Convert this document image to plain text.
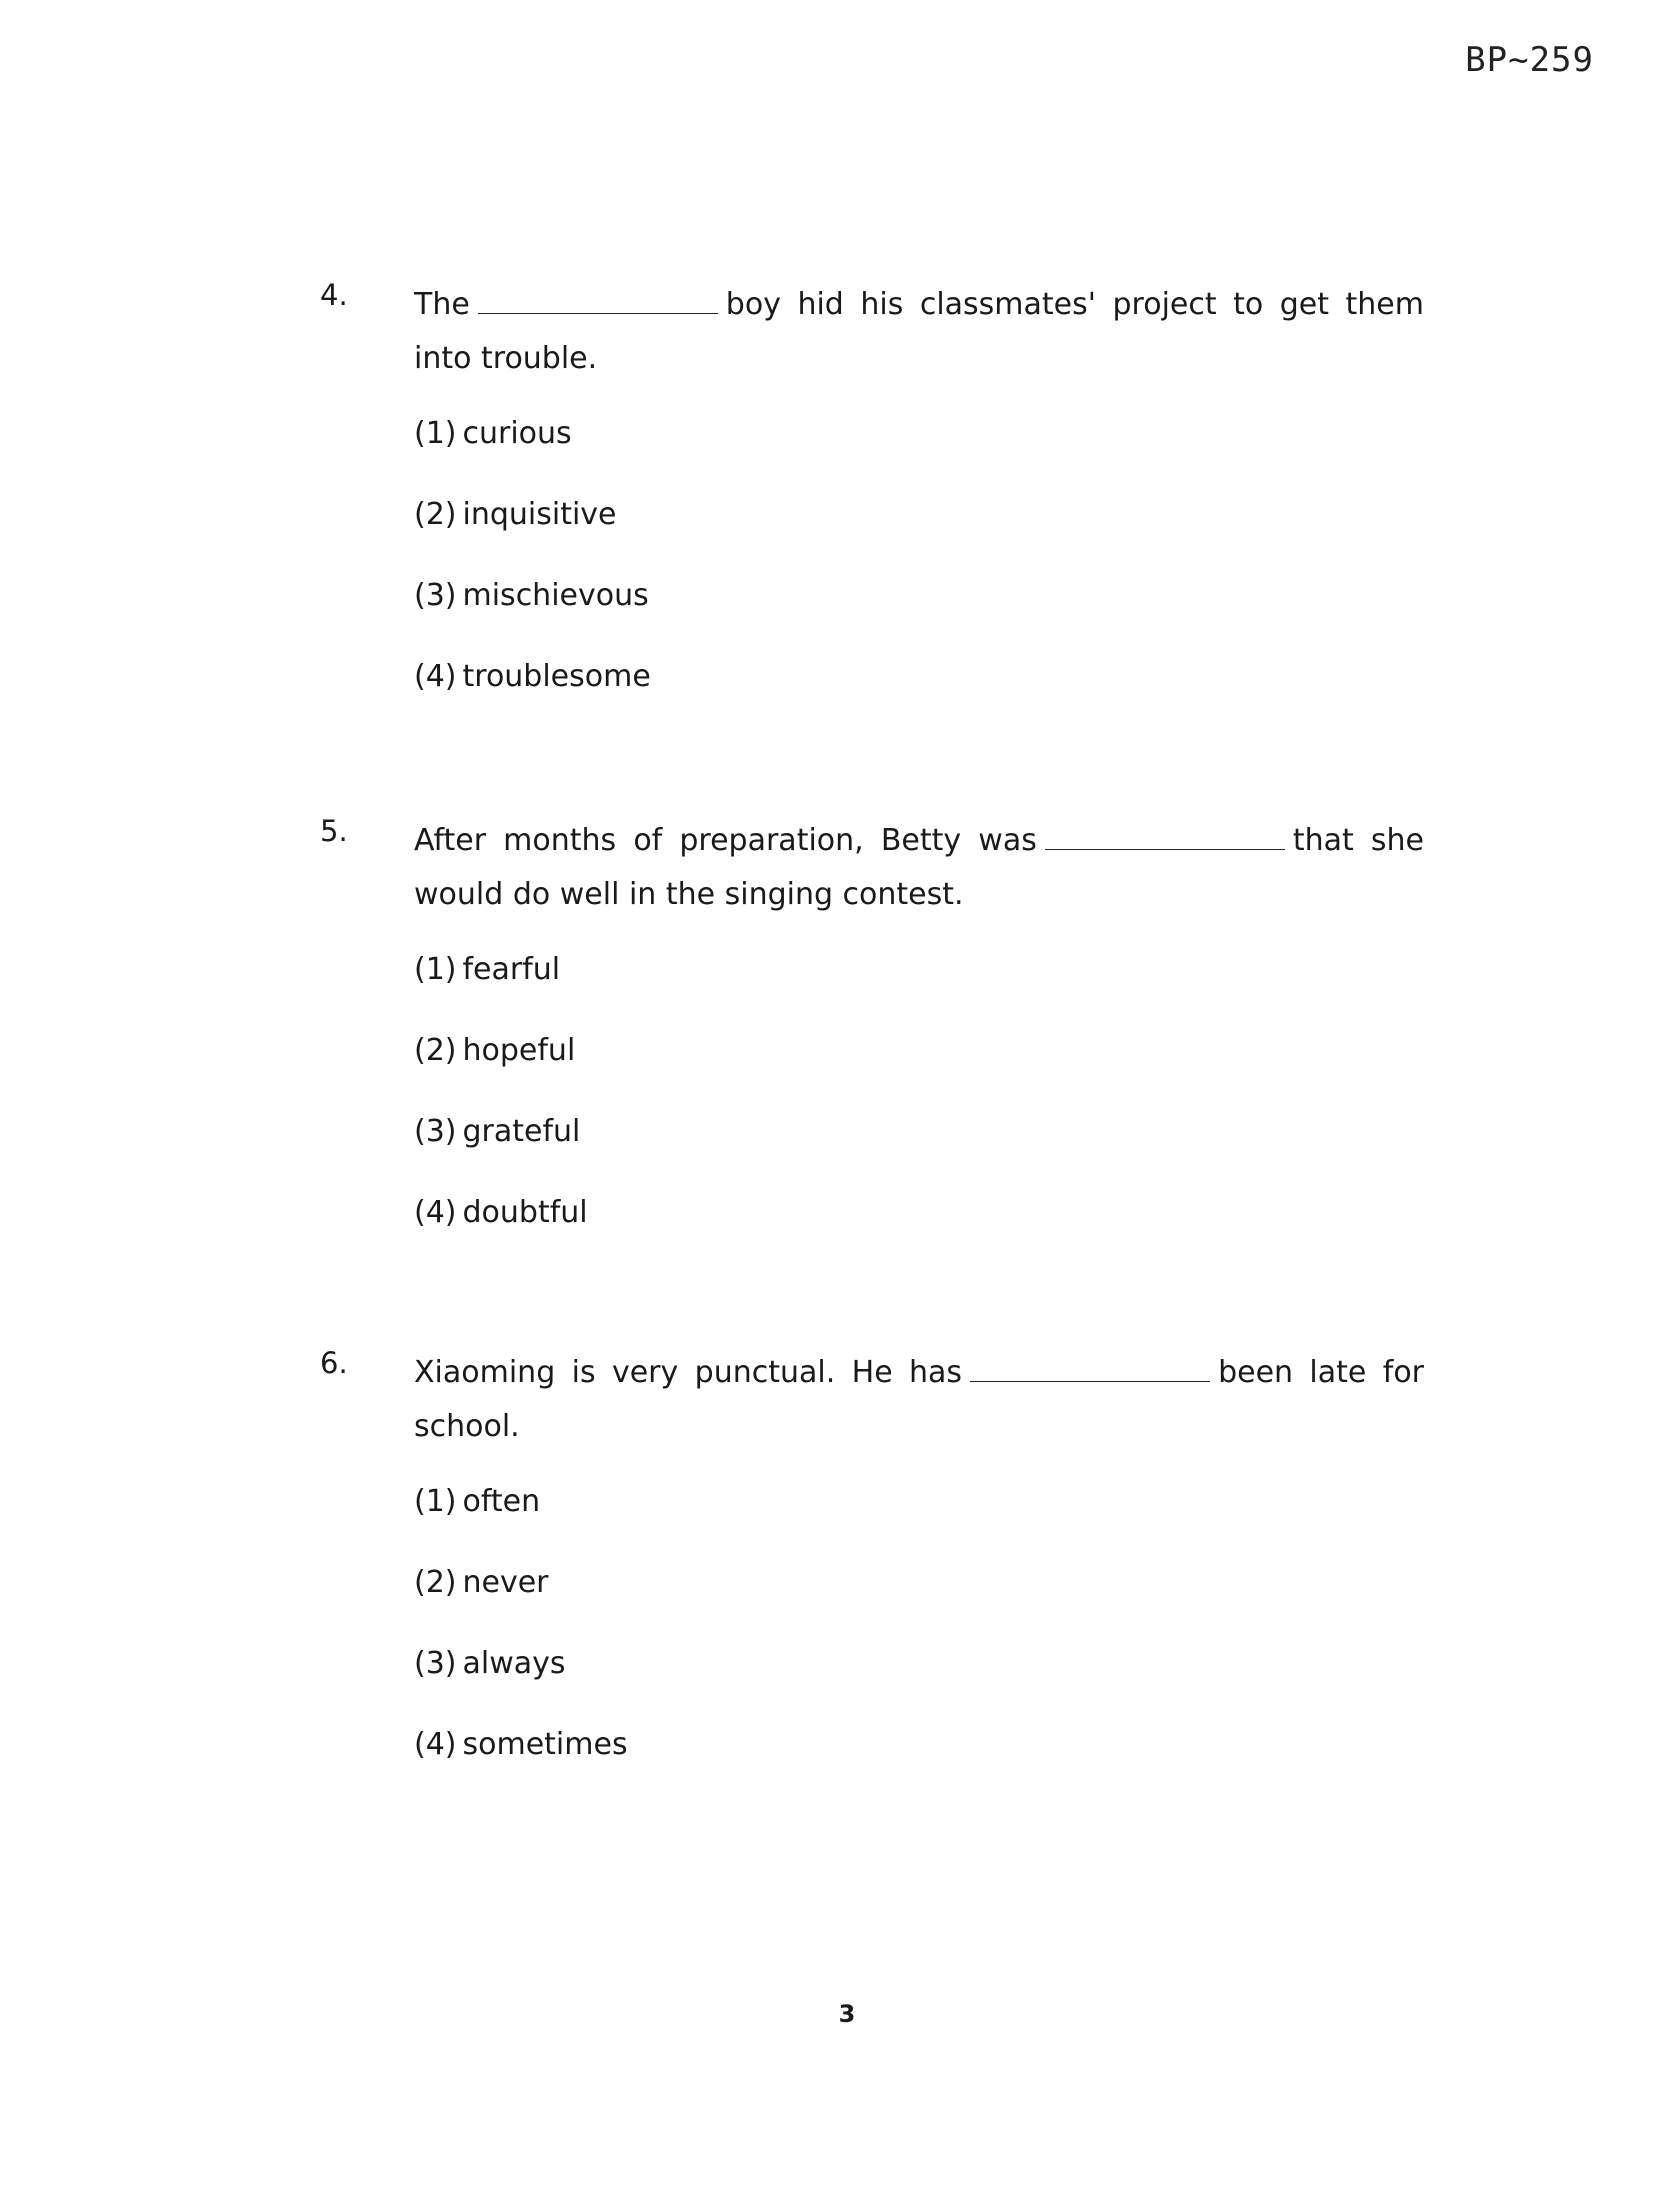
BP~259
4. The	boy hid his classmates' project to get them into trouble.
(1) curious
(2) inquisitive
(3) mischievous
(4) troublesome
5. After months of preparation, Betty was	that she would do well in the singing contest.
(1) fearful
(2) hopeful
(3) grateful
(4) doubtful
6. Xiaoming is very punctual. He has	been late for school.
(1) often
(2) never
(3) always
(4) sometimes
3
